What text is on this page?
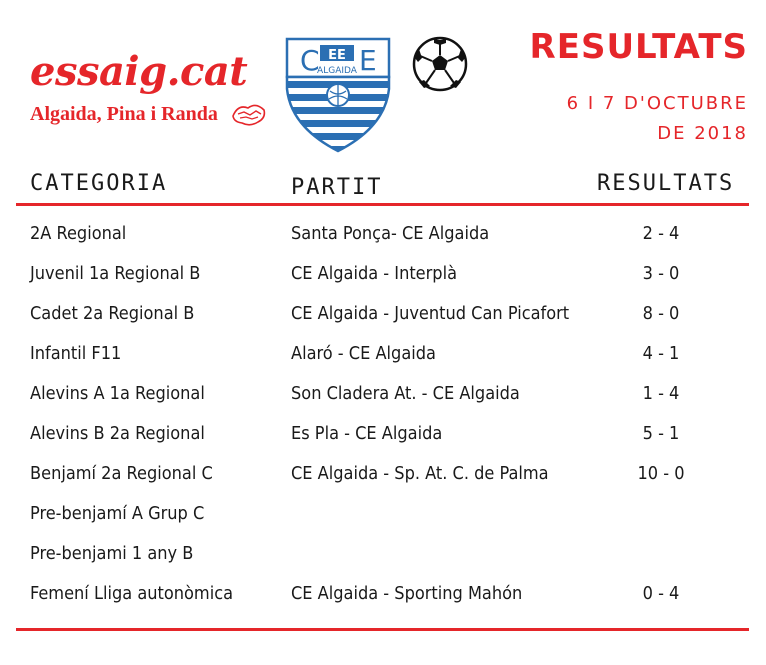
essaig.cat
Algaida, Pina i Randa
C EE
ALGAIDA E	RESULTATS
6 I 7 D'OCTUBRE
DE 2018
CATEGORIA	PARTIT	RESULTATS
2A Regional	Santa Ponça- CE Algaida	2 - 4
Juvenil 1a Regional B	CE Algaida - Interplà	3 - 0
Cadet 2a Regional B	CE Algaida - Juventud Can Picafort	8 - 0
Infantil F11	Alaró - CE Algaida	4 - 1
Alevins A 1a Regional	Son Cladera At. - CE Algaida	1 - 4
Alevins B 2a Regional	Es Pla - CE Algaida	5 - 1
Benjamí 2a Regional C	CE Algaida - Sp. At. C. de Palma	10 - 0
Pre-benjamí A Grup C
Pre-benjami 1 any B
Femení Lliga autonòmica	CE Algaida - Sporting Mahón	0 - 4
